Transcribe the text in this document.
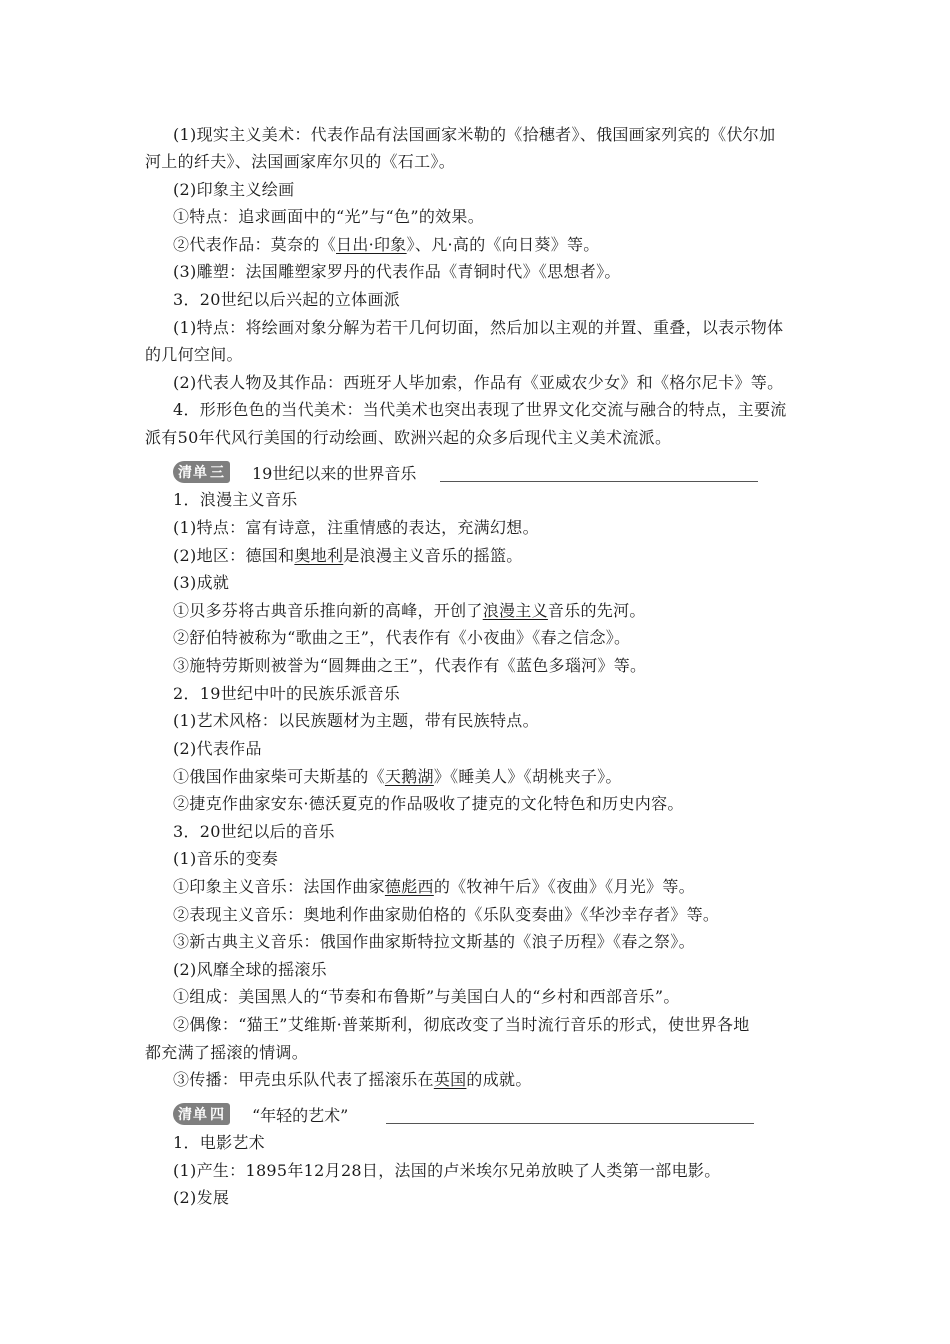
(1)现实主义美术：代表作品有法国画家米勒的《拾穗者》、俄国画家列宾的《伏尔加
河上的纤夫》、法国画家库尔贝的《石工》。
(2)印象主义绘画
①特点：追求画面中的“光”与“色”的效果。
②代表作品：莫奈的《日出·印象》、凡·高的《向日葵》等。
(3)雕塑：法国雕塑家罗丹的代表作品《青铜时代》《思想者》。
3．20世纪以后兴起的立体画派
(1)特点：将绘画对象分解为若干几何切面，然后加以主观的并置、重叠，以表示物体
的几何空间。
(2)代表人物及其作品：西班牙人毕加索，作品有《亚威农少女》和《格尔尼卡》等。
4．形形色色的当代美术：当代美术也突出表现了世界文化交流与融合的特点，主要流
派有50年代风行美国的行动绘画、欧洲兴起的众多后现代主义美术流派。
清单 三 19世纪以来的世界音乐
1．浪漫主义音乐
(1)特点：富有诗意，注重情感的表达，充满幻想。
(2)地区：德国和奥地利是浪漫主义音乐的摇篮。
(3)成就
①贝多芬将古典音乐推向新的高峰，开创了浪漫主义音乐的先河。
②舒伯特被称为“歌曲之王”，代表作有《小夜曲》《春之信念》。
③施特劳斯则被誉为“圆舞曲之王”，代表作有《蓝色多瑙河》等。
2．19世纪中叶的民族乐派音乐
(1)艺术风格：以民族题材为主题，带有民族特点。
(2)代表作品
①俄国作曲家柴可夫斯基的《天鹅湖》《睡美人》《胡桃夹子》。
②捷克作曲家安东·德沃夏克的作品吸收了捷克的文化特色和历史内容。
3．20世纪以后的音乐
(1)音乐的变奏
①印象主义音乐：法国作曲家德彪西的《牧神午后》《夜曲》《月光》等。
②表现主义音乐：奥地利作曲家勋伯格的《乐队变奏曲》《华沙幸存者》等。
③新古典主义音乐：俄国作曲家斯特拉文斯基的《浪子历程》《春之祭》。
(2)风靡全球的摇滚乐
①组成：美国黑人的“节奏和布鲁斯”与美国白人的“乡村和西部音乐”。
②偶像：“猫王”艾维斯·普莱斯利，彻底改变了当时流行音乐的形式，使世界各地
都充满了摇滚的情调。
③传播：甲壳虫乐队代表了摇滚乐在英国的成就。
清单 四 “年轻的艺术”
1．电影艺术
(1)产生：1895年12月28日，法国的卢米埃尔兄弟放映了人类第一部电影。
(2)发展
